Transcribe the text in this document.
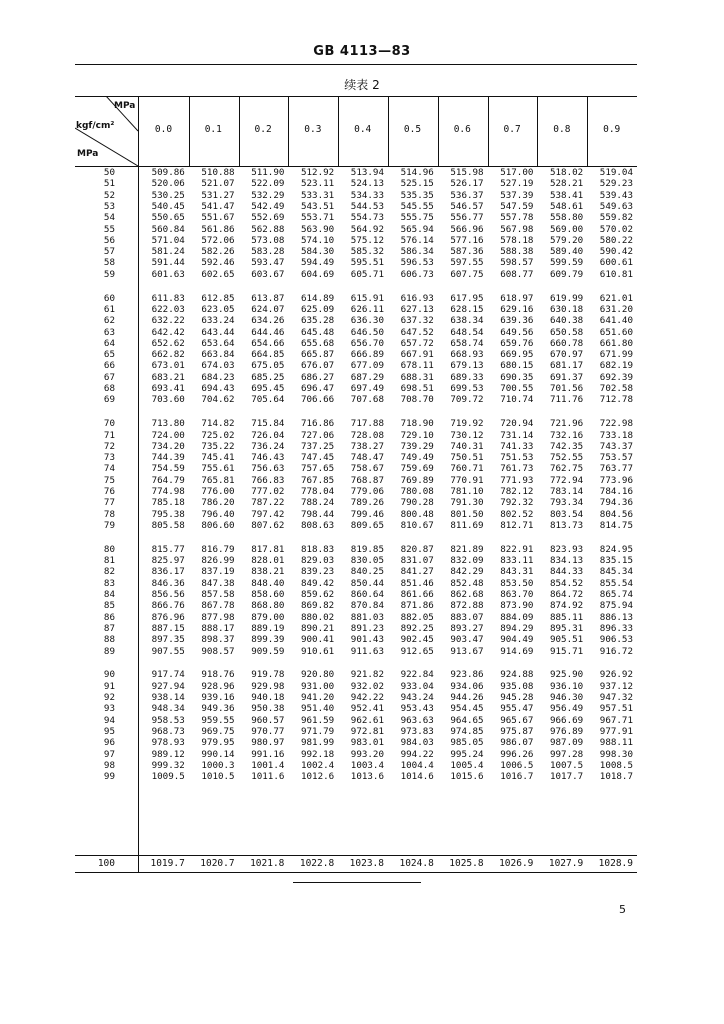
GB 4113—83
续表 2
MPa
kgf/cm²
MPa
0.0	0.1	0.2	0.3	0.4	0.5	0.6	0.7	0.8	0.9
50	509.86	510.88	511.90	512.92	513.94	514.96	515.98	517.00	518.02	519.04
51	520.06	521.07	522.09	523.11	524.13	525.15	526.17	527.19	528.21	529.23
52	530.25	531.27	532.29	533.31	534.33	535.35	536.37	537.39	538.41	539.43
53	540.45	541.47	542.49	543.51	544.53	545.55	546.57	547.59	548.61	549.63
54	550.65	551.67	552.69	553.71	554.73	555.75	556.77	557.78	558.80	559.82
55	560.84	561.86	562.88	563.90	564.92	565.94	566.96	567.98	569.00	570.02
56	571.04	572.06	573.08	574.10	575.12	576.14	577.16	578.18	579.20	580.22
57	581.24	582.26	583.28	584.30	585.32	586.34	587.36	588.38	589.40	590.42
58	591.44	592.46	593.47	594.49	595.51	596.53	597.55	598.57	599.59	600.61
59	601.63	602.65	603.67	604.69	605.71	606.73	607.75	608.77	609.79	610.81
60	611.83	612.85	613.87	614.89	615.91	616.93	617.95	618.97	619.99	621.01
61	622.03	623.05	624.07	625.09	626.11	627.13	628.15	629.16	630.18	631.20
62	632.22	633.24	634.26	635.28	636.30	637.32	638.34	639.36	640.38	641.40
63	642.42	643.44	644.46	645.48	646.50	647.52	648.54	649.56	650.58	651.60
64	652.62	653.64	654.66	655.68	656.70	657.72	658.74	659.76	660.78	661.80
65	662.82	663.84	664.85	665.87	666.89	667.91	668.93	669.95	670.97	671.99
66	673.01	674.03	675.05	676.07	677.09	678.11	679.13	680.15	681.17	682.19
67	683.21	684.23	685.25	686.27	687.29	688.31	689.33	690.35	691.37	692.39
68	693.41	694.43	695.45	696.47	697.49	698.51	699.53	700.55	701.56	702.58
69	703.60	704.62	705.64	706.66	707.68	708.70	709.72	710.74	711.76	712.78
70	713.80	714.82	715.84	716.86	717.88	718.90	719.92	720.94	721.96	722.98
71	724.00	725.02	726.04	727.06	728.08	729.10	730.12	731.14	732.16	733.18
72	734.20	735.22	736.24	737.25	738.27	739.29	740.31	741.33	742.35	743.37
73	744.39	745.41	746.43	747.45	748.47	749.49	750.51	751.53	752.55	753.57
74	754.59	755.61	756.63	757.65	758.67	759.69	760.71	761.73	762.75	763.77
75	764.79	765.81	766.83	767.85	768.87	769.89	770.91	771.93	772.94	773.96
76	774.98	776.00	777.02	778.04	779.06	780.08	781.10	782.12	783.14	784.16
77	785.18	786.20	787.22	788.24	789.26	790.28	791.30	792.32	793.34	794.36
78	795.38	796.40	797.42	798.44	799.46	800.48	801.50	802.52	803.54	804.56
79	805.58	806.60	807.62	808.63	809.65	810.67	811.69	812.71	813.73	814.75
80	815.77	816.79	817.81	818.83	819.85	820.87	821.89	822.91	823.93	824.95
81	825.97	826.99	828.01	829.03	830.05	831.07	832.09	833.11	834.13	835.15
82	836.17	837.19	838.21	839.23	840.25	841.27	842.29	843.31	844.33	845.34
83	846.36	847.38	848.40	849.42	850.44	851.46	852.48	853.50	854.52	855.54
84	856.56	857.58	858.60	859.62	860.64	861.66	862.68	863.70	864.72	865.74
85	866.76	867.78	868.80	869.82	870.84	871.86	872.88	873.90	874.92	875.94
86	876.96	877.98	879.00	880.02	881.03	882.05	883.07	884.09	885.11	886.13
87	887.15	888.17	889.19	890.21	891.23	892.25	893.27	894.29	895.31	896.33
88	897.35	898.37	899.39	900.41	901.43	902.45	903.47	904.49	905.51	906.53
89	907.55	908.57	909.59	910.61	911.63	912.65	913.67	914.69	915.71	916.72
90	917.74	918.76	919.78	920.80	921.82	922.84	923.86	924.88	925.90	926.92
91	927.94	928.96	929.98	931.00	932.02	933.04	934.06	935.08	936.10	937.12
92	938.14	939.16	940.18	941.20	942.22	943.24	944.26	945.28	946.30	947.32
93	948.34	949.36	950.38	951.40	952.41	953.43	954.45	955.47	956.49	957.51
94	958.53	959.55	960.57	961.59	962.61	963.63	964.65	965.67	966.69	967.71
95	968.73	969.75	970.77	971.79	972.81	973.83	974.85	975.87	976.89	977.91
96	978.93	979.95	980.97	981.99	983.01	984.03	985.05	986.07	987.09	988.11
97	989.12	990.14	991.16	992.18	993.20	994.22	995.24	996.26	997.28	998.30
98	999.32	1000.3	1001.4	1002.4	1003.4	1004.4	1005.4	1006.5	1007.5	1008.5
99	1009.5	1010.5	1011.6	1012.6	1013.6	1014.6	1015.6	1016.7	1017.7	1018.7
100	1019.7	1020.7	1021.8	1022.8	1023.8	1024.8	1025.8	1026.9	1027.9	1028.9
5
